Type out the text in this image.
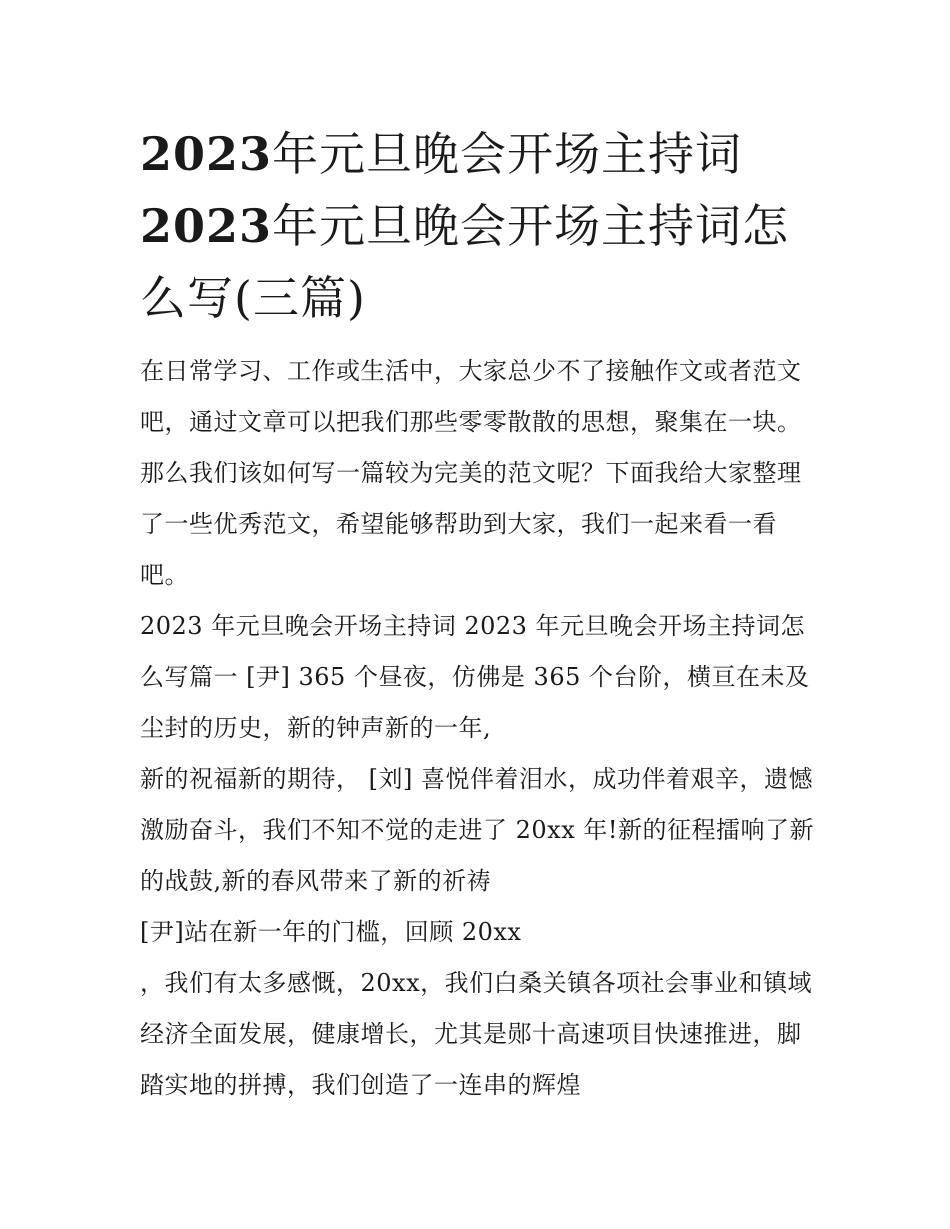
2023年元旦晚会开场主持词
2023年元旦晚会开场主持词怎
么写(三篇)

在日常学习、工作或生活中，大家总少不了接触作文或者范文吧，通过文章可以把我们那些零零散散的思想，聚集在一块。那么我们该如何写一篇较为完美的范文呢？下面我给大家整理了一些优秀范文，希望能够帮助到大家，我们一起来看一看吧。

2023 年元旦晚会开场主持词 2023 年元旦晚会开场主持词怎么写篇一 [尹] 365 个昼夜，仿佛是 365 个台阶，横亘在未及尘封的历史，新的钟声新的一年,

新的祝福新的期待， [刘] 喜悦伴着泪水，成功伴着艰辛，遗憾激励奋斗，我们不知不觉的走进了 20xx 年!新的征程擂响了新的战鼓,新的春风带来了新的祈祷

[尹]站在新一年的门槛，回顾 20xx

，我们有太多感慨，20xx，我们白桑关镇各项社会事业和镇域经济全面发展，健康增长，尤其是郧十高速项目快速推进，脚踏实地的拼搏，我们创造了一连串的辉煌
